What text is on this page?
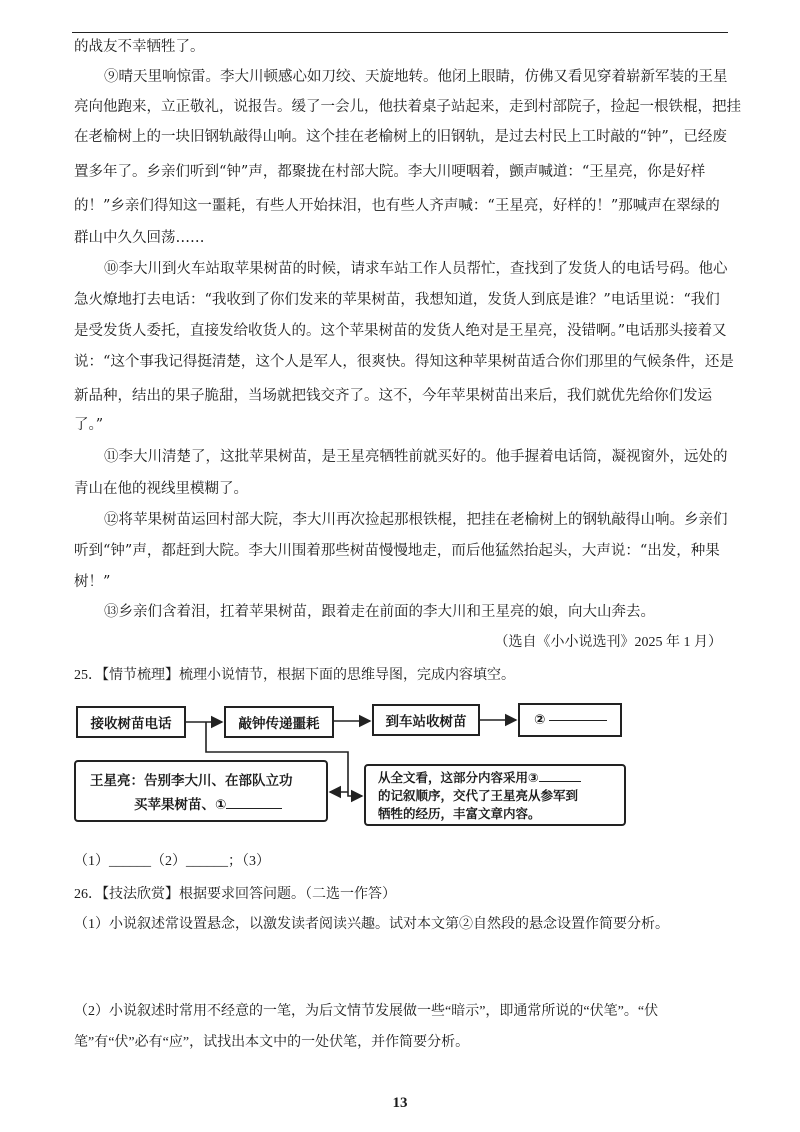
的战友不幸牺牲了。
⑨晴天里响惊雷。李大川顿感心如刀绞、天旋地转。他闭上眼睛，仿佛又看见穿着崭新军装的王星
亮向他跑来，立正敬礼，说报告。缓了一会儿，他扶着桌子站起来，走到村部院子，捡起一根铁棍，把挂
在老榆树上的一块旧钢轨敲得山响。这个挂在老榆树上的旧钢轨，是过去村民上工时敲的“钟”，已经废
置多年了。乡亲们听到“钟”声，都聚拢在村部大院。李大川哽咽着，颤声喊道：“王星亮，你是好样
的！”乡亲们得知这一噩耗，有些人开始抹泪，也有些人齐声喊：“王星亮，好样的！”那喊声在翠绿的
群山中久久回荡……
⑩李大川到火车站取苹果树苗的时候，请求车站工作人员帮忙，查找到了发货人的电话号码。他心
急火燎地打去电话：“我收到了你们发来的苹果树苗，我想知道，发货人到底是谁？”电话里说：“我们
是受发货人委托，直接发给收货人的。这个苹果树苗的发货人绝对是王星亮，没错啊。”电话那头接着又
说：“这个事我记得挺清楚，这个人是军人，很爽快。得知这种苹果树苗适合你们那里的气候条件，还是
新品种，结出的果子脆甜，当场就把钱交齐了。这不，今年苹果树苗出来后，我们就优先给你们发运
了。”
⑪李大川清楚了，这批苹果树苗，是王星亮牺牲前就买好的。他手握着电话筒，凝视窗外，远处的
青山在他的视线里模糊了。
⑫将苹果树苗运回村部大院，李大川再次捡起那根铁棍，把挂在老榆树上的钢轨敲得山响。乡亲们
听到“钟”声，都赶到大院。李大川围着那些树苗慢慢地走，而后他猛然抬起头，大声说：“出发，种果
树！”
⑬乡亲们含着泪，扛着苹果树苗，跟着走在前面的李大川和王星亮的娘，向大山奔去。
（选自《小小说选刊》2025 年 1 月）
25．【情节梳理】梳理小说情节，根据下面的思维导图，完成内容填空。
接收树苗电话	敲钟传递噩耗	到车站收树苗	②
王星亮：告别李大川、在部队立功
买苹果树苗、①
从全文看，这部分内容采用③
的记叙顺序，交代了王星亮从参军到
牺牲的经历，丰富文章内容。
（1）______（2）______；（3）
26．【技法欣赏】根据要求回答问题。（二选一作答）
（1）小说叙述常设置悬念，以激发读者阅读兴趣。试对本文第②自然段的悬念设置作简要分析。
（2）小说叙述时常用不经意的一笔，为后文情节发展做一些“暗示”，即通常所说的“伏笔”。“伏
笔”有“伏”必有“应”，试找出本文中的一处伏笔，并作简要分析。
13
